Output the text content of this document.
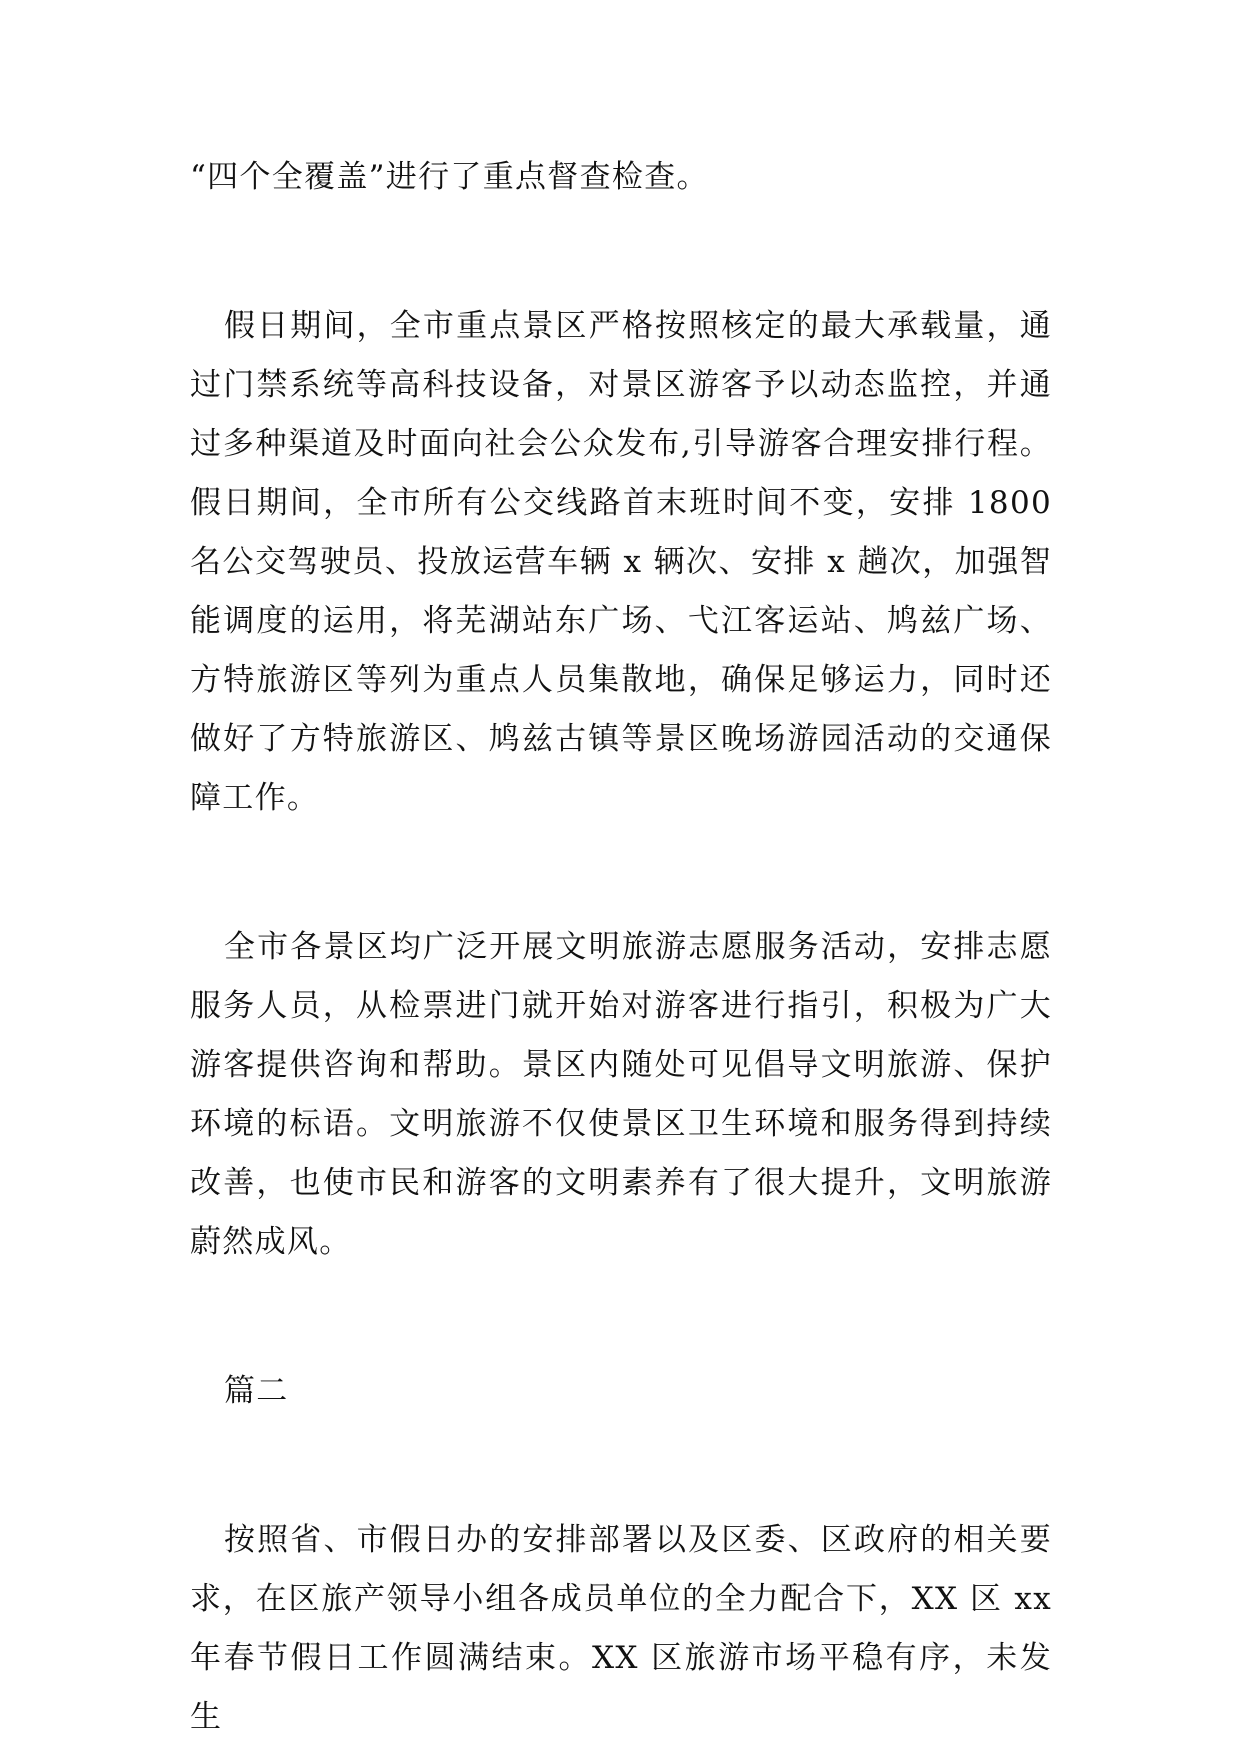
“四个全覆盖”进行了重点督查检查。

假日期间，全市重点景区严格按照核定的最大承载量，通过门禁系统等高科技设备，对景区游客予以动态监控，并通过多种渠道及时面向社会公众发布,引导游客合理安排行程。假日期间，全市所有公交线路首末班时间不变，安排 1800 名公交驾驶员、投放运营车辆 x 辆次、安排 x 趟次，加强智能调度的运用，将芜湖站东广场、弋江客运站、鸠兹广场、方特旅游区等列为重点人员集散地，确保足够运力，同时还做好了方特旅游区、鸠兹古镇等景区晚场游园活动的交通保障工作。

全市各景区均广泛开展文明旅游志愿服务活动，安排志愿服务人员，从检票进门就开始对游客进行指引，积极为广大游客提供咨询和帮助。景区内随处可见倡导文明旅游、保护环境的标语。文明旅游不仅使景区卫生环境和服务得到持续改善，也使市民和游客的文明素养有了很大提升，文明旅游蔚然成风。

篇二

按照省、市假日办的安排部署以及区委、区政府的相关要求，在区旅产领导小组各成员单位的全力配合下，XX 区 xx 年春节假日工作圆满结束。XX 区旅游市场平稳有序，未发生
